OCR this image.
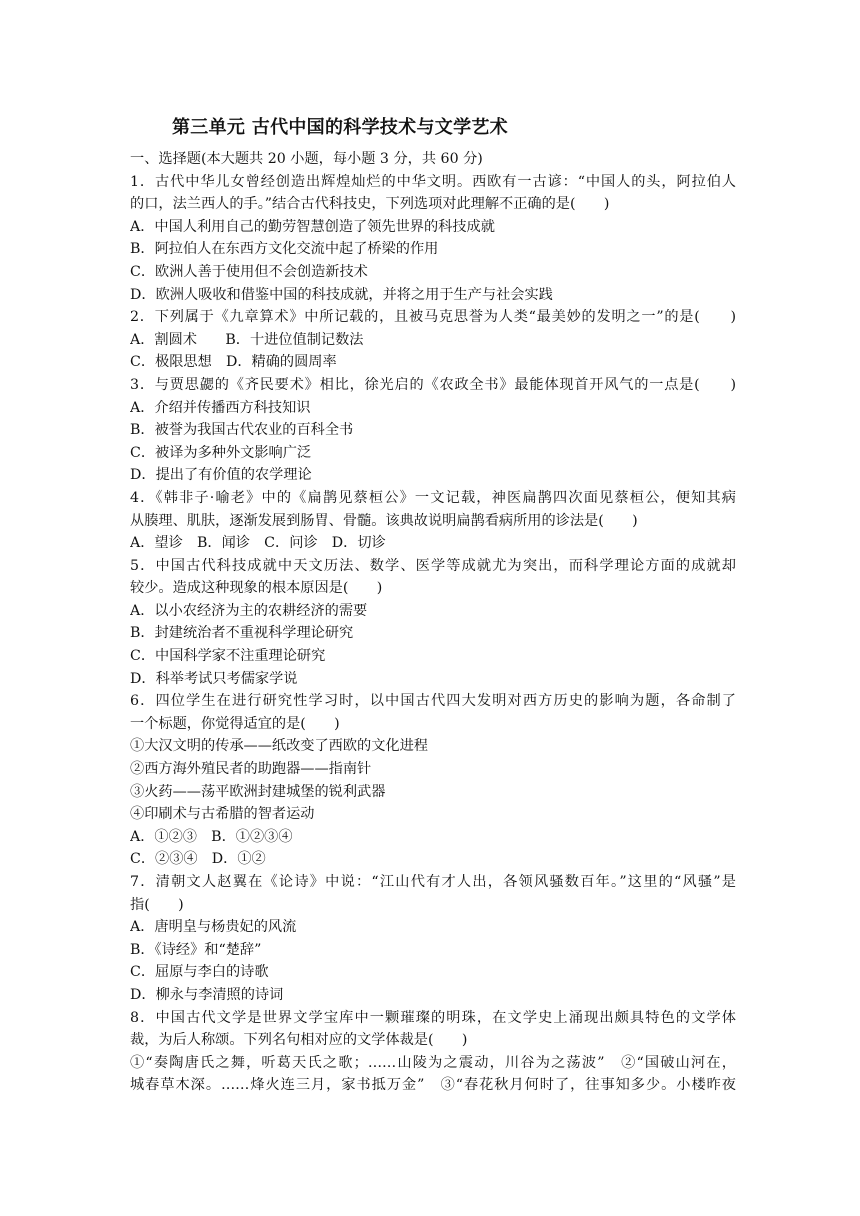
第三单元 古代中国的科学技术与文学艺术
一、选择题(本大题共 20 小题，每小题 3 分，共 60 分)
1．古代中华儿女曾经创造出辉煌灿烂的中华文明。西欧有一古谚：“中国人的头，阿拉伯人
的口，法兰西人的手。”结合古代科技史，下列选项对此理解不正确的是(　　)
A．中国人利用自己的勤劳智慧创造了领先世界的科技成就
B．阿拉伯人在东西方文化交流中起了桥梁的作用
C．欧洲人善于使用但不会创造新技术
D．欧洲人吸收和借鉴中国的科技成就，并将之用于生产与社会实践
2．下列属于《九章算术》中所记载的，且被马克思誉为人类“最美妙的发明之一”的是(　　)
A．割圆术　　B．十进位值制记数法
C．极限思想　D．精确的圆周率
3．与贾思勰的《齐民要术》相比，徐光启的《农政全书》最能体现首开风气的一点是(　　)
A．介绍并传播西方科技知识
B．被誉为我国古代农业的百科全书
C．被译为多种外文影响广泛
D．提出了有价值的农学理论
4．《韩非子·喻老》中的《扁鹊见蔡桓公》一文记载，神医扁鹊四次面见蔡桓公，便知其病
从腠理、肌肤，逐渐发展到肠胃、骨髓。该典故说明扁鹊看病所用的诊法是(　　)
A．望诊　B．闻诊　C．问诊　D．切诊
5．中国古代科技成就中天文历法、数学、医学等成就尤为突出，而科学理论方面的成就却
较少。造成这种现象的根本原因是(　　)
A．以小农经济为主的农耕经济的需要
B．封建统治者不重视科学理论研究
C．中国科学家不注重理论研究
D．科举考试只考儒家学说
6．四位学生在进行研究性学习时，以中国古代四大发明对西方历史的影响为题，各命制了
一个标题，你觉得适宜的是(　　)
①大汉文明的传承——纸改变了西欧的文化进程
②西方海外殖民者的助跑器——指南针
③火药——荡平欧洲封建城堡的锐利武器
④印刷术与古希腊的智者运动
A．①②③　B．①②③④
C．②③④　D．①②
7．清朝文人赵翼在《论诗》中说：“江山代有才人出，各领风骚数百年。”这里的“风骚”是
指(　　)
A．唐明皇与杨贵妃的风流
B．《诗经》和“楚辞”
C．屈原与李白的诗歌
D．柳永与李清照的诗词
8．中国古代文学是世界文学宝库中一颗璀璨的明珠，在文学史上涌现出颇具特色的文学体
裁，为后人称颂。下列名句相对应的文学体裁是(　　)
①“奏陶唐氏之舞，听葛天氏之歌；……山陵为之震动，川谷为之荡波”　②“国破山河在，
城春草木深。……烽火连三月，家书抵万金”　③“春花秋月何时了，往事知多少。小楼昨夜
